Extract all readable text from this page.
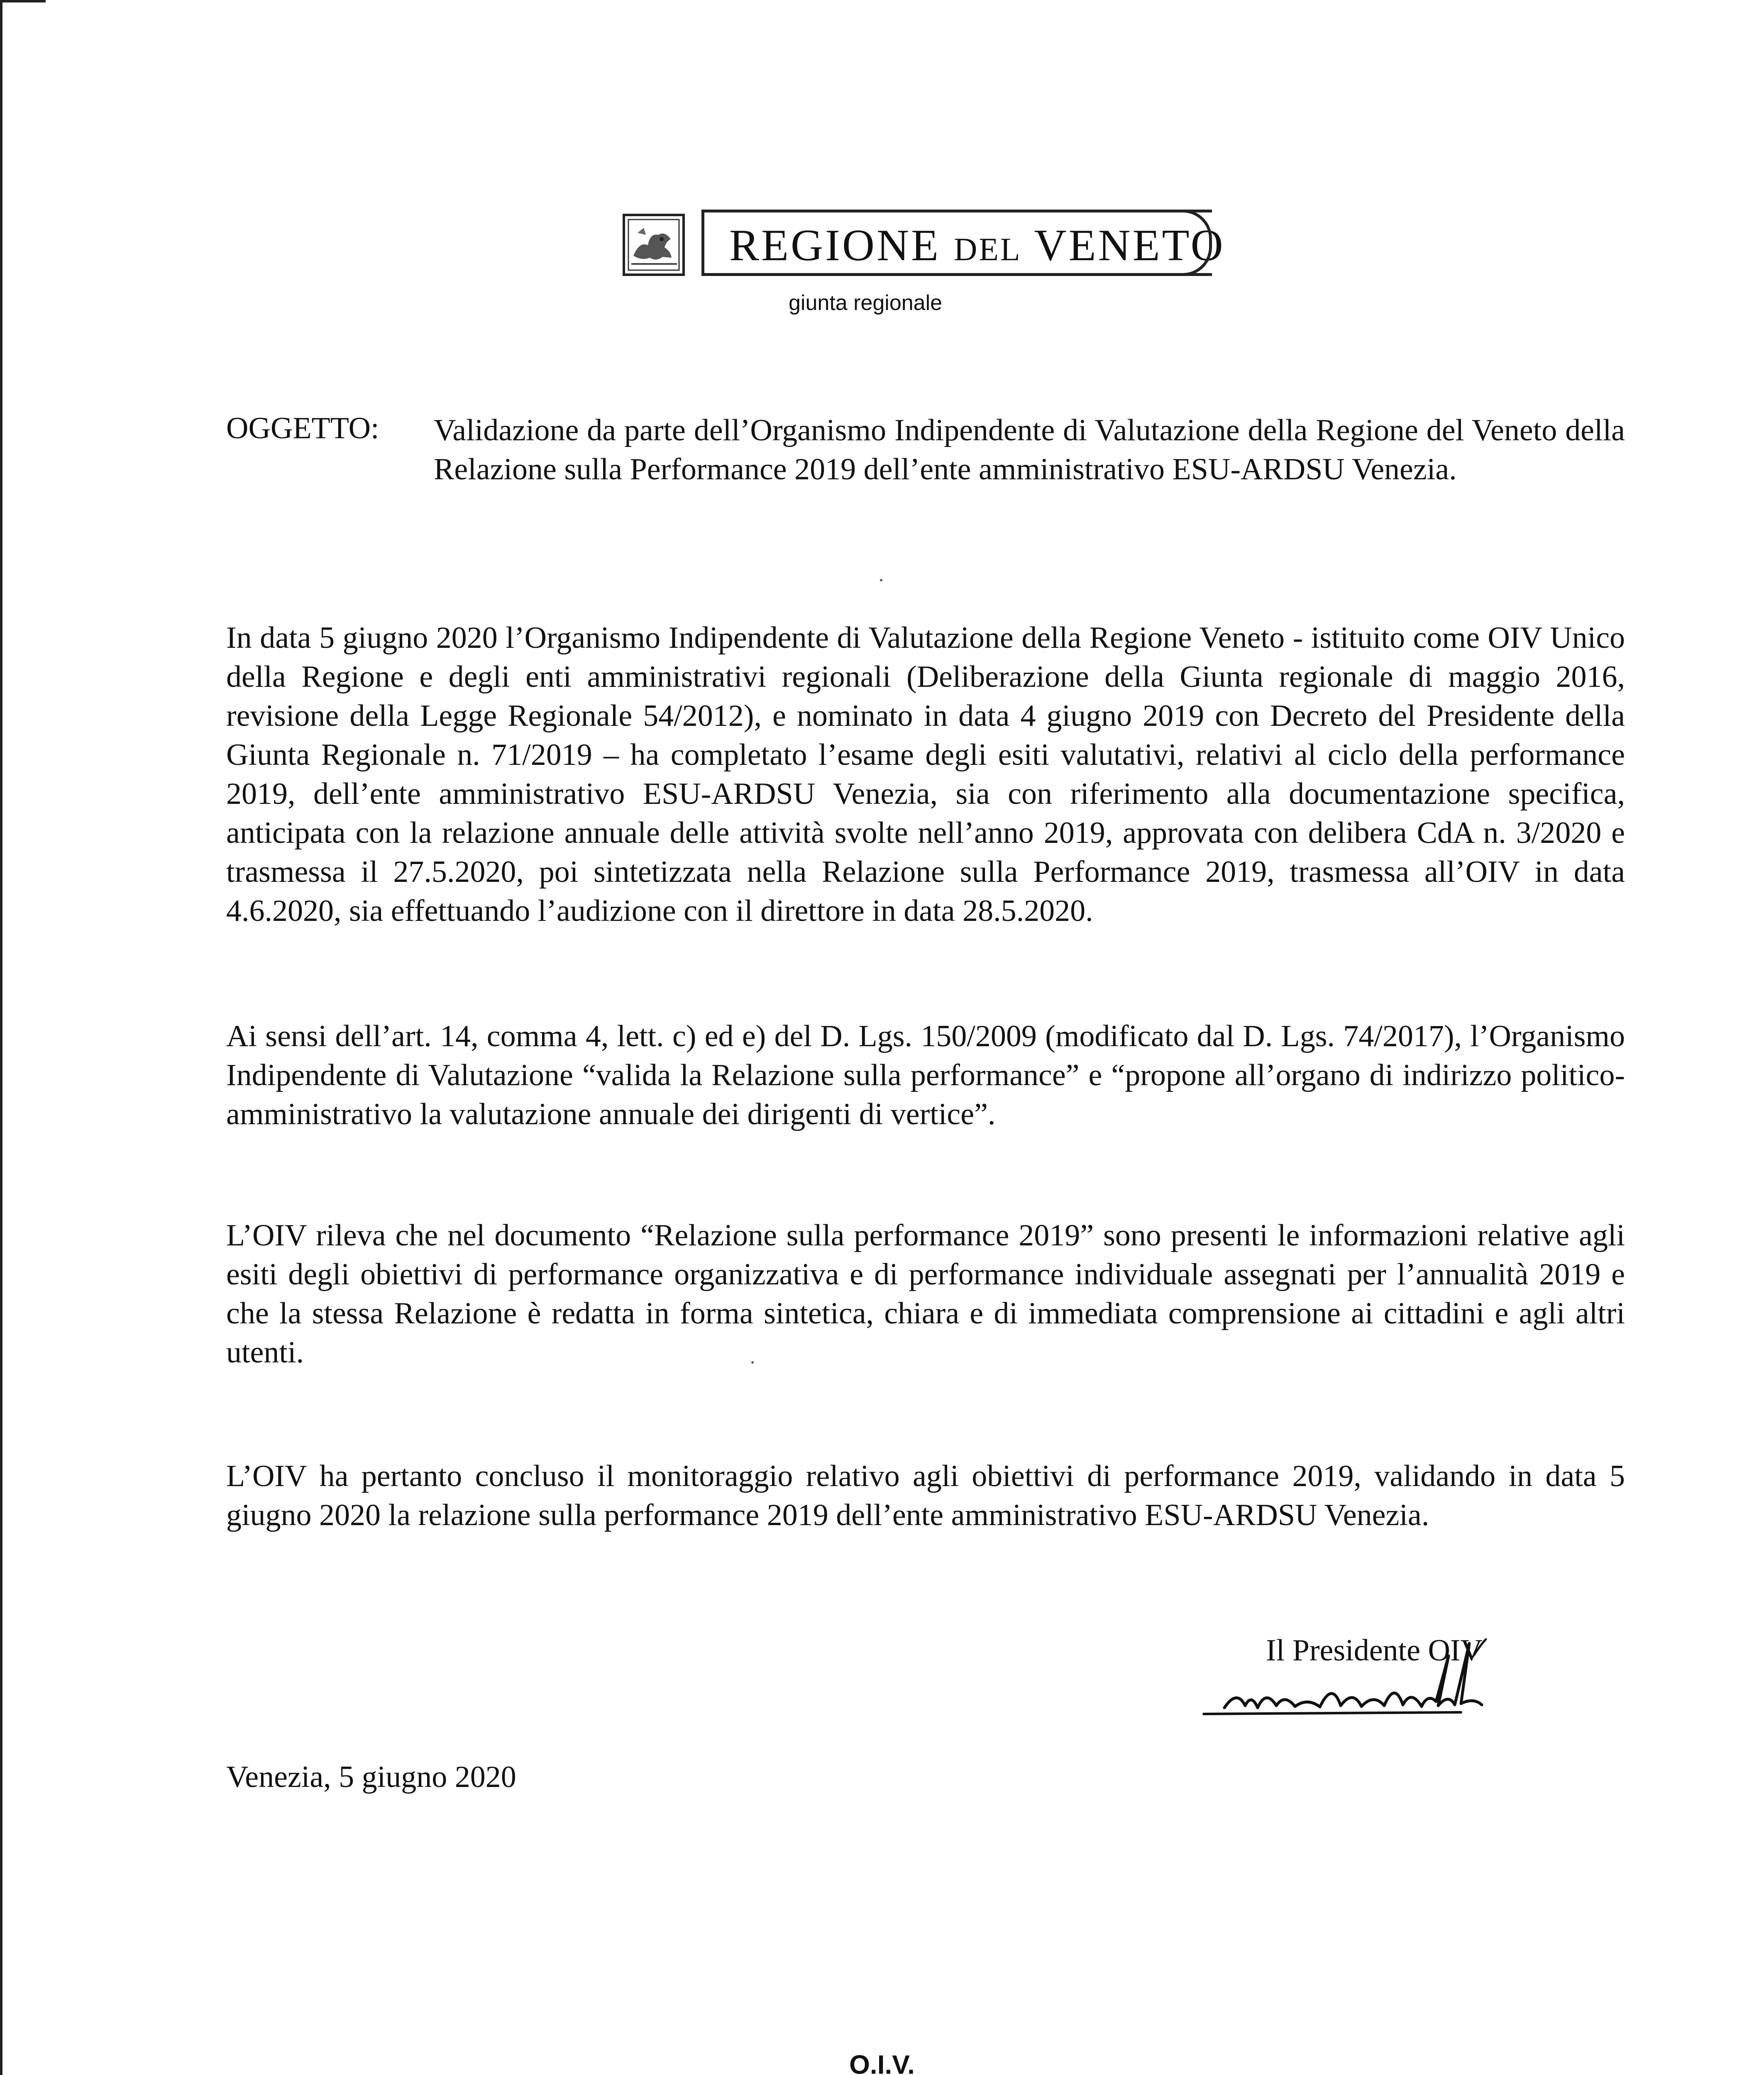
REGIONE DEL VENETO
giunta regionale
OGGETTO: Validazione da parte dell’Organismo Indipendente di Valutazione della Regione del Veneto della Relazione sulla Performance 2019 dell’ente amministrativo ESU-ARDSU Venezia.
In data 5 giugno 2020 l’Organismo Indipendente di Valutazione della Regione Veneto - istituito come OIV Unico della Regione e degli enti amministrativi regionali (Deliberazione della Giunta regionale di maggio 2016, revisione della Legge Regionale 54/2012), e nominato in data 4 giugno 2019 con Decreto del Presidente della Giunta Regionale n. 71/2019 – ha completato l’esame degli esiti valutativi, relativi al ciclo della performance 2019, dell’ente amministrativo ESU-ARDSU Venezia, sia con riferimento alla documentazione specifica, anticipata con la relazione annuale delle attività svolte nell’anno 2019, approvata con delibera CdA n. 3/2020 e trasmessa il 27.5.2020, poi sintetizzata nella Relazione sulla Performance 2019, trasmessa all’OIV in data 4.6.2020, sia effettuando l’audizione con il direttore in data 28.5.2020.
Ai sensi dell’art. 14, comma 4, lett. c) ed e) del D. Lgs. 150/2009 (modificato dal D. Lgs. 74/2017), l’Organismo Indipendente di Valutazione “valida la Relazione sulla performance” e “propone all’organo di indirizzo politico-amministrativo la valutazione annuale dei dirigenti di vertice”.
L’OIV rileva che nel documento “Relazione sulla performance 2019” sono presenti le informazioni relative agli esiti degli obiettivi di performance organizzativa e di performance individuale assegnati per l’annualità 2019 e che la stessa Relazione è redatta in forma sintetica, chiara e di immediata comprensione ai cittadini e agli altri utenti.
L’OIV ha pertanto concluso il monitoraggio relativo agli obiettivi di performance 2019, validando in data 5 giugno 2020 la relazione sulla performance 2019 dell’ente amministrativo ESU-ARDSU Venezia.
Il Presidente OIV
Venezia, 5 giugno 2020
O.I.V.
